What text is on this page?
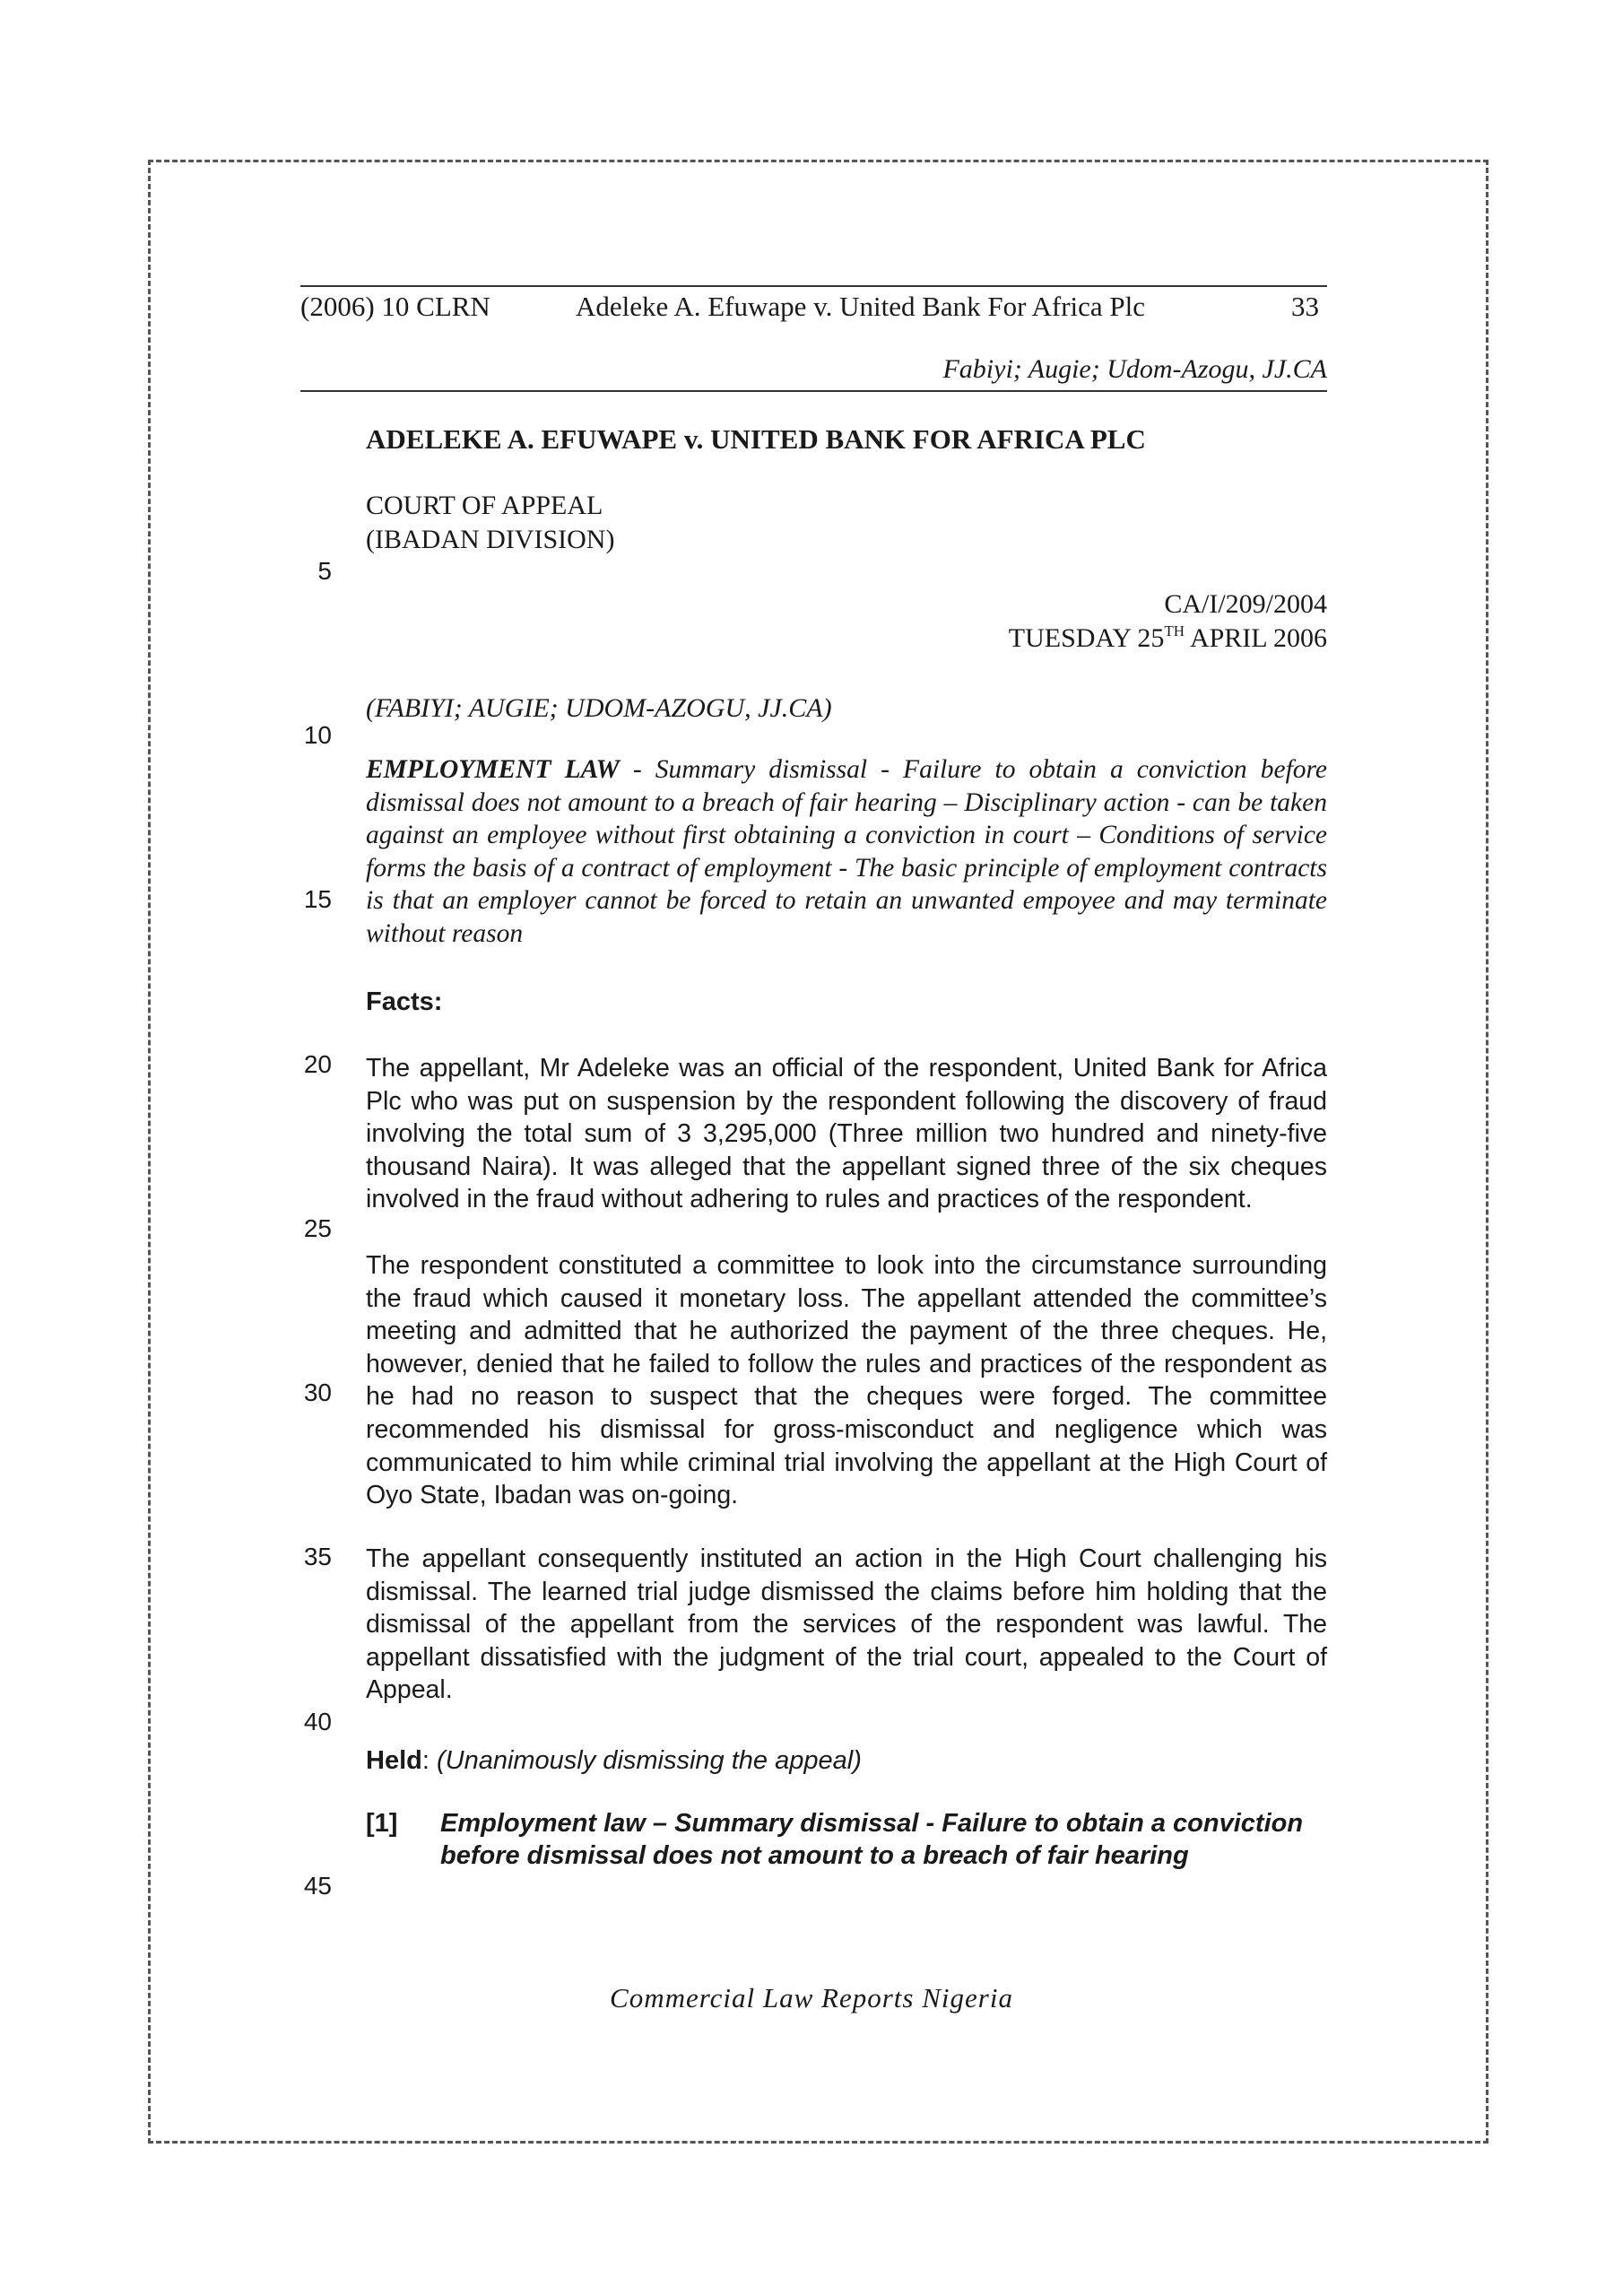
(2006) 10 CLRN	Adeleke A. Efuwape v. United Bank For Africa Plc	33
Fabiyi; Augie; Udom-Azogu, JJ.CA
ADELEKE A. EFUWAPE v. UNITED BANK FOR AFRICA PLC
COURT OF APPEAL
(IBADAN DIVISION)
CA/I/209/2004
TUESDAY 25TH APRIL 2006
(FABIYI; AUGIE; UDOM-AZOGU, JJ.CA)
EMPLOYMENT LAW - Summary dismissal - Failure to obtain a conviction before dismissal does not amount to a breach of fair hearing – Disciplinary action - can be taken against an employee without first obtaining a conviction in court – Conditions of service forms the basis of a contract of employment - The basic principle of employment contracts is that an employer cannot be forced to retain an unwanted empoyee and may terminate without reason
Facts:

The appellant, Mr Adeleke was an official of the respondent, United Bank for Africa Plc who was put on suspension by the respondent following the discovery of fraud involving the total sum of 3 3,295,000 (Three million two hundred and ninety-five thousand Naira). It was alleged that the appellant signed three of the six cheques involved in the fraud without adhering to rules and practices of the respondent.

The respondent constituted a committee to look into the circumstance surrounding the fraud which caused it monetary loss. The appellant attended the committee’s meeting and admitted that he authorized the payment of the three cheques. He, however, denied that he failed to follow the rules and practices of the respondent as he had no reason to suspect that the cheques were forged. The committee recommended his dismissal for gross-misconduct and negligence which was communicated to him while criminal trial involving the appellant at the High Court of Oyo State, Ibadan was on-going.

The appellant consequently instituted an action in the High Court challenging his dismissal. The learned trial judge dismissed the claims before him holding that the dismissal of the appellant from the services of the respondent was lawful. The appellant dissatisfied with the judgment of the trial court, appealed to the Court of Appeal.

Held: (Unanimously dismissing the appeal)
[1] Employment law – Summary dismissal - Failure to obtain a conviction before dismissal does not amount to a breach of fair hearing
5
10
15
20
25
30
35
40
45
Commercial Law Reports Nigeria
